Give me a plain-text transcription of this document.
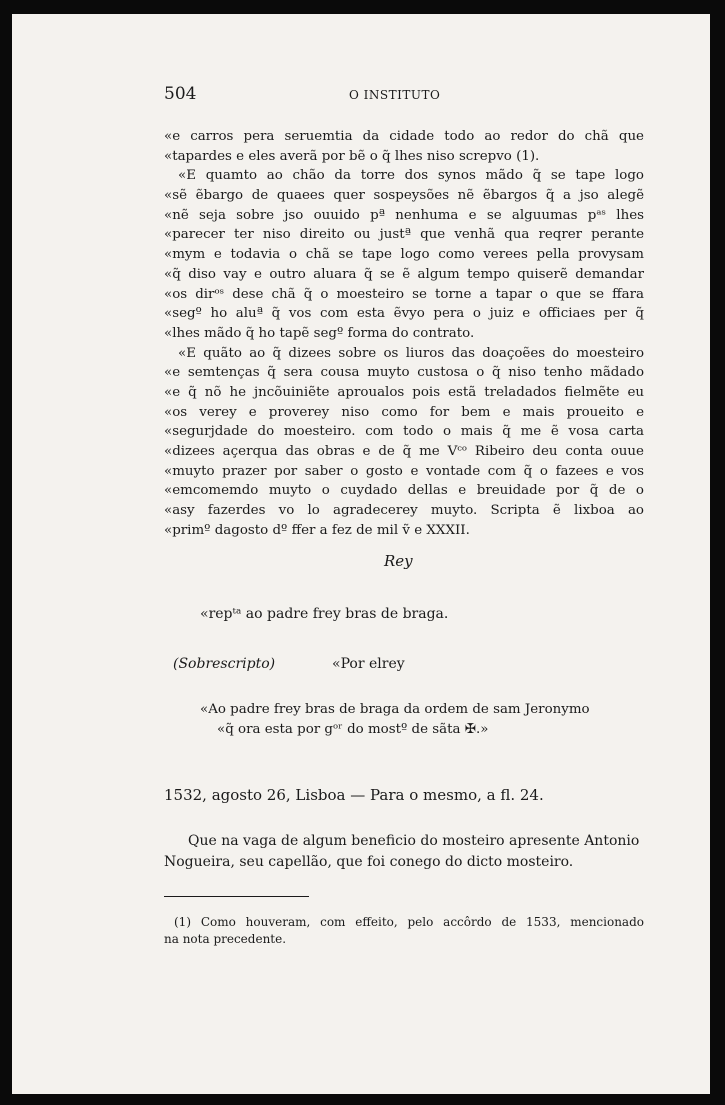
504	O INSTITUTO
«e carros pera seruemtia da cidade todo ao redor do chã que
«tapardes e eles averã por bẽ o q̃ lhes niso screpvo (1).
«E quamto ao chão da torre dos synos mãdo q̃ se tape logo
«sẽ ẽbargo de quaees quer sospeysões nẽ ẽbargos q̃ a jso alegẽ
«nẽ seja sobre jso ouuido pª nenhuma e se alguumas pᵃˢ lhes
«parecer ter niso direito ou justª que venhã qua reqrer perante
«mym e todavia o chã se tape logo como verees pella provysam
«q̃ diso vay e outro aluara q̃ se ẽ algum tempo quiserẽ demandar
«os dirᵒˢ dese chã q̃ o moesteiro se torne a tapar o que se ffara
«segº ho aluª q̃ vos com esta ẽvyo pera o juiz e officiaes per q̃
«lhes mãdo q̃ ho tapẽ segº forma do contrato.
«E quãto ao q̃ dizees sobre os liuros das doaçoẽes do moesteiro
«e semtenças q̃ sera cousa muyto custosa o q̃ niso tenho mãdado
«e q̃ nõ he jncõuiniẽte aproualos pois estã treladados fielmẽte eu
«os verey e proverey niso como for bem e mais proueito e
«segurjdade do moesteiro. com todo o mais q̃ me ẽ vosa carta
«dizees açerqua das obras e de q̃ me Vᶜᵒ Ribeiro deu conta ouue
«muyto prazer por saber o gosto e vontade com q̃ o fazees e vos
«emcomemdo muyto o cuydado dellas e breuidade por q̃ de o
«asy fazerdes vo lo agradecerey muyto. Scripta ẽ lixboa ao
«primº dagosto dº ffer a fez de mil ṽ e XXXII.
Rey
«repᵗᵃ ao padre frey bras de braga.
(Sobrescripto)	«Por elrey
«Ao padre frey bras de braga da ordem de sam Jeronymo
«q̃ ora esta por gᵒʳ do mostº de sãta ✠.»
1532, agosto 26, Lisboa — Para o mesmo, a fl. 24.
Que na vaga de algum beneficio do mosteiro apresente Antonio
Nogueira, seu capellão, que foi conego do dicto mosteiro.
(1) Como houveram, com effeito, pelo accôrdo de 1533, mencionado
na nota precedente.
